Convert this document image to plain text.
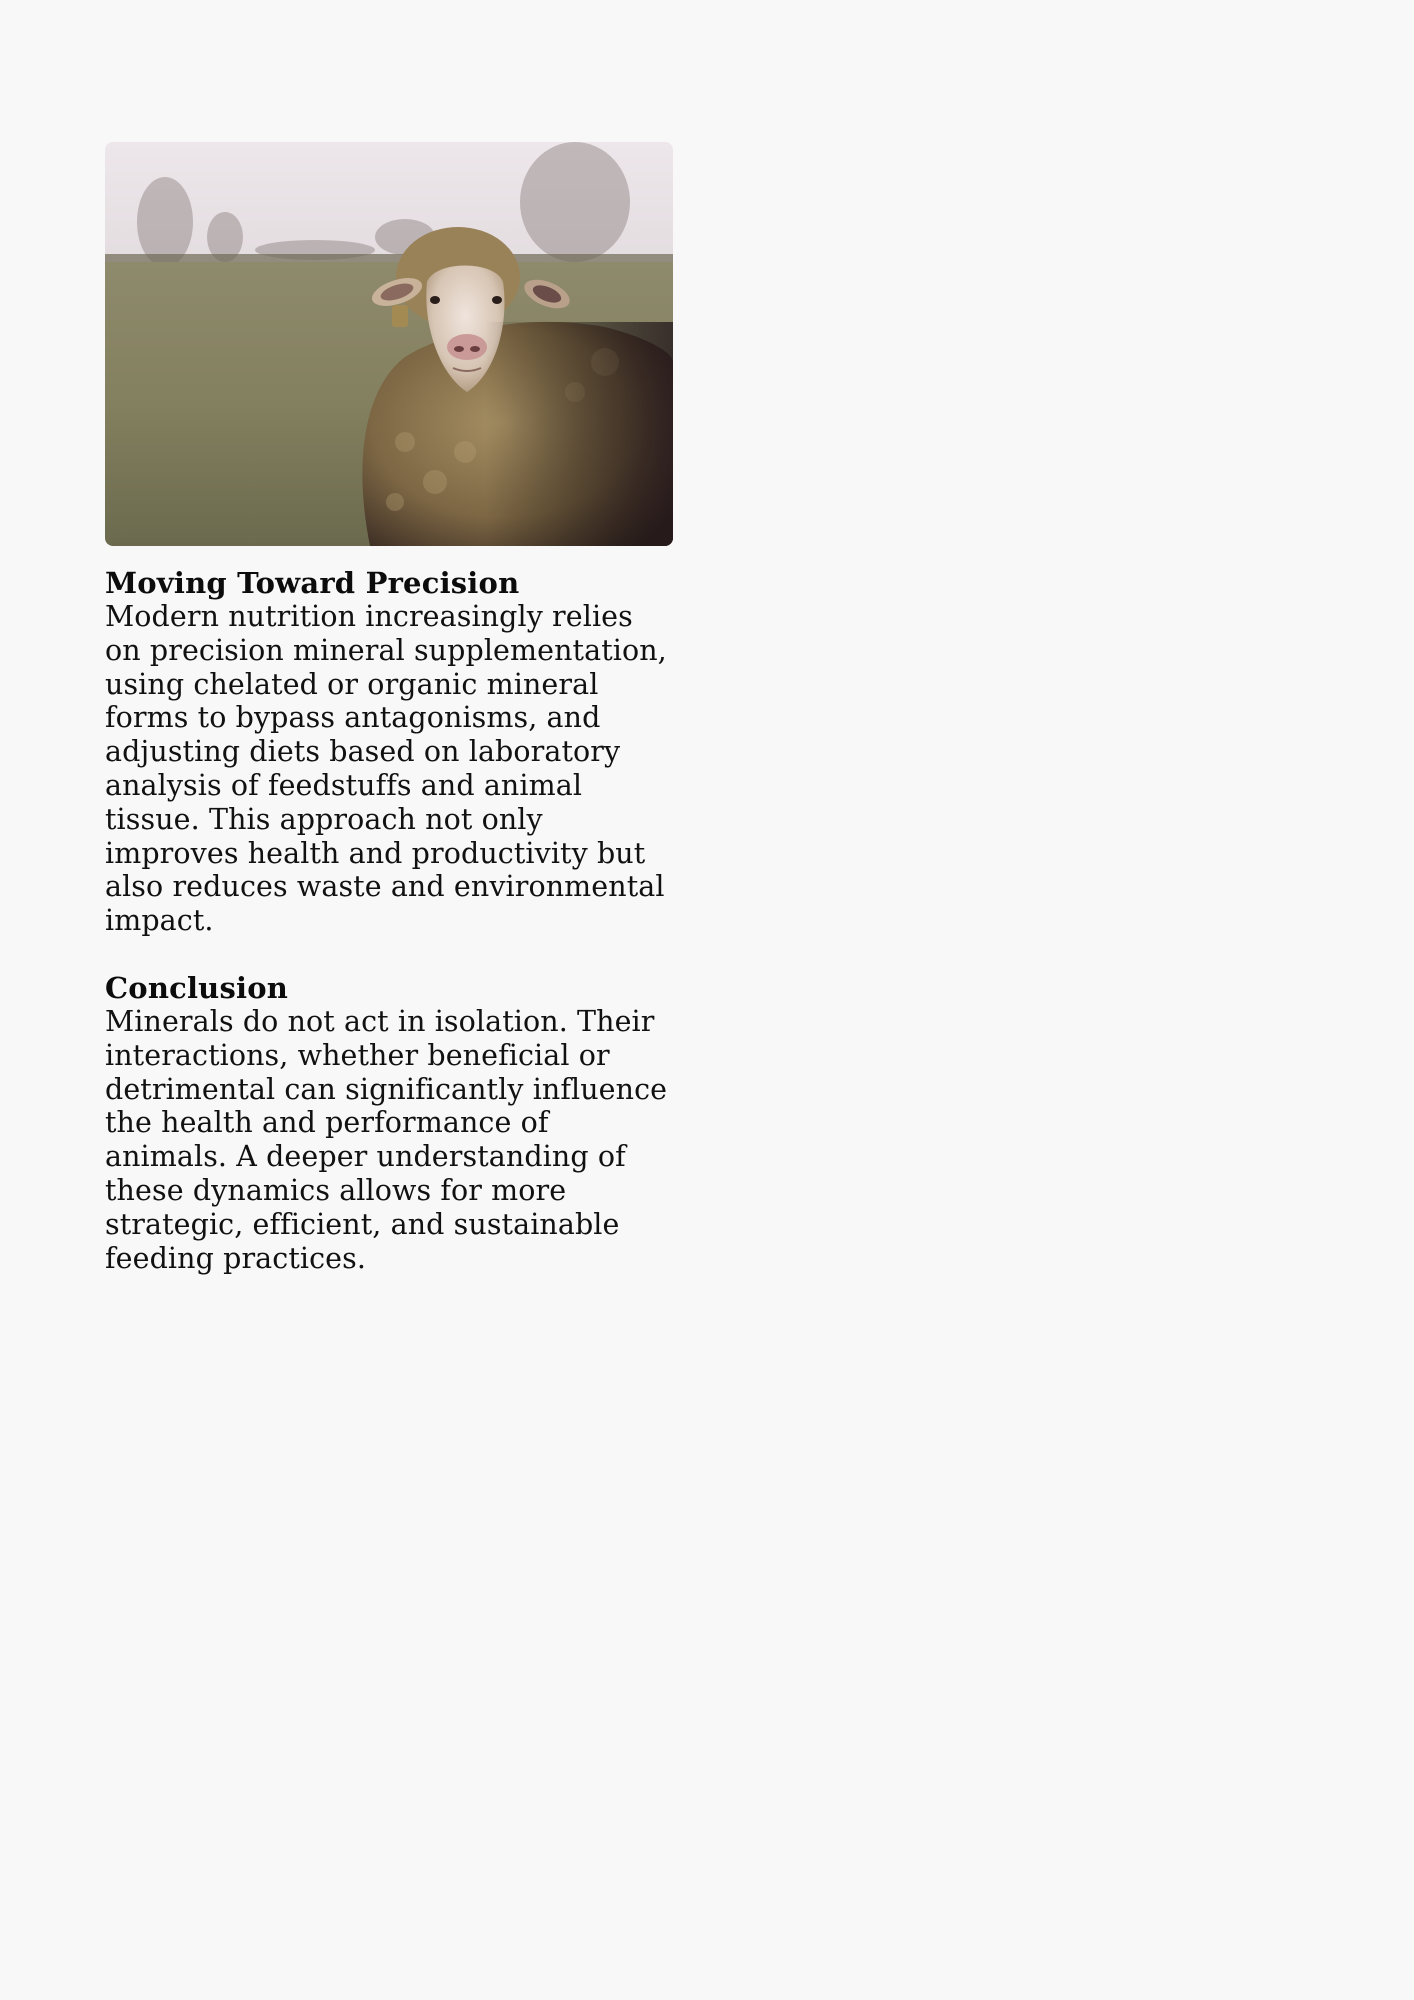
Moving Toward Precision

Modern nutrition increasingly relies on precision mineral supplementation, using chelated or organic mineral forms to bypass antagonisms, and adjusting diets based on laboratory analysis of feedstuffs and animal tissue. This approach not only improves health and productivity but also reduces waste and environmental impact.

Conclusion

Minerals do not act in isolation. Their interactions, whether beneficial or detrimental can significantly influence the health and performance of animals. A deeper understanding of these dynamics allows for more strategic, efficient, and sustainable feeding practices.
